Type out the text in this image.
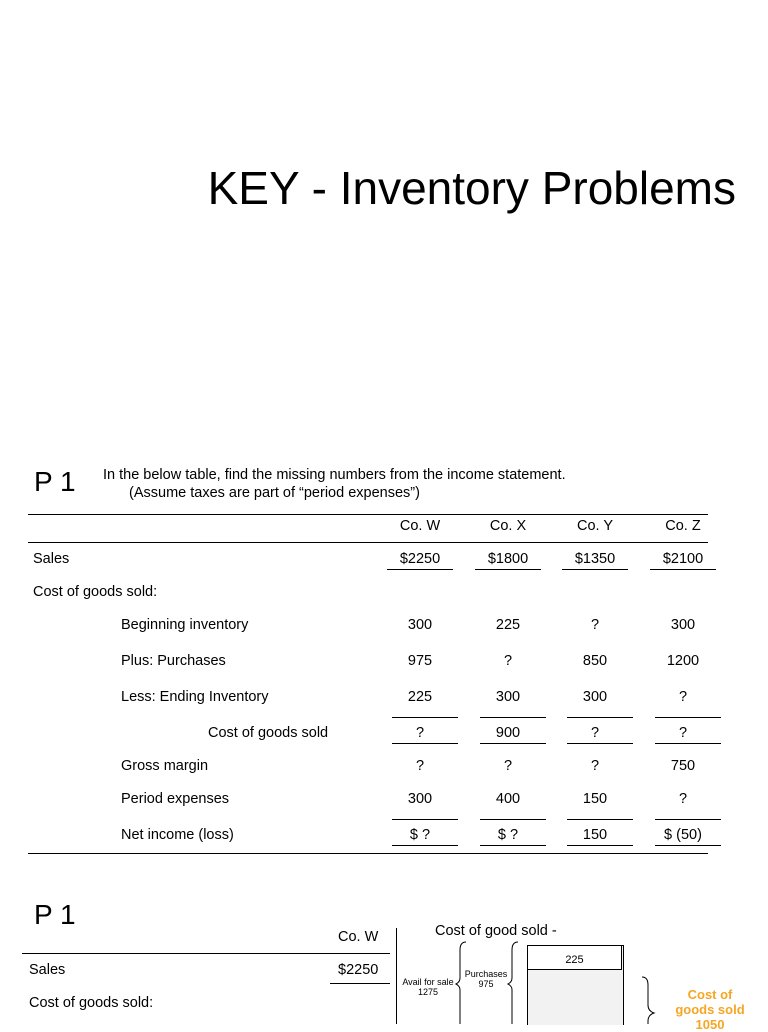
KEY - Inventory Problems
P 1 In the below table, find the missing numbers from the income statement.
(Assume taxes are part of “period expenses”)
Co. W	Co. X	Co. Y	Co. Z
Sales	$2250	$1800	$1350	$2100
Cost of goods sold:
Beginning inventory	300	225	?	300
Plus: Purchases	975	?	850	1200
Less: Ending Inventory	225	300	300	?
Cost of goods sold	?	900	?	?
Gross margin	?	?	?	750
Period expenses	300	400	150	?
Net income (loss)	$ ?	$ ?	150	$ (50)
P 1
Co. W
Sales	$2250
Cost of goods sold:
Cost of good sold -
Avail for sale
1275
Purchases
975
225
Cost of
goods sold
1050
